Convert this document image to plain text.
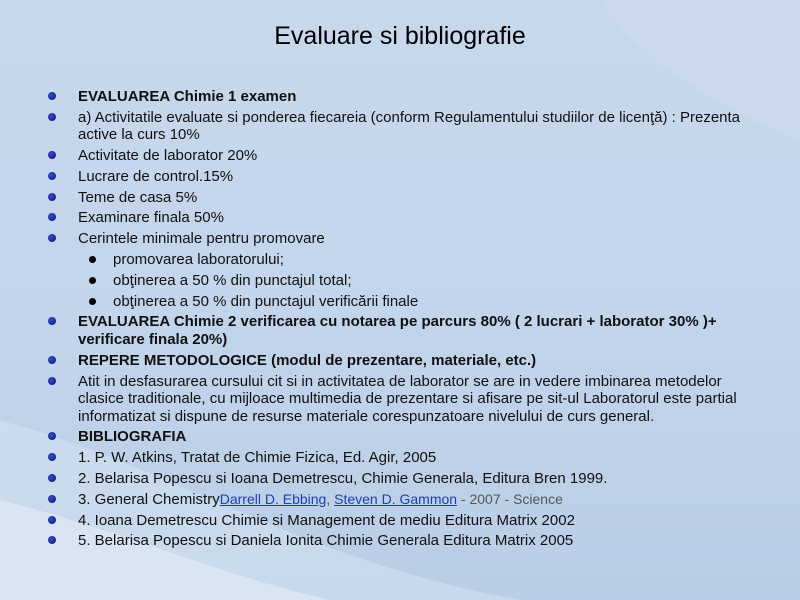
Evaluare si bibliografie
EVALUAREA Chimie 1 examen
a) Activitatile evaluate si ponderea fiecareia (conform Regulamentului studiilor de licenţă) : Prezenta active la curs 10%
Activitate de laborator 20%
Lucrare de control.15%
Teme de casa 5%
Examinare finala 50%
Cerintele minimale pentru promovare
promovarea laboratorului;
obţinerea a 50 % din punctajul total;
obţinerea a 50 % din punctajul verificării finale
EVALUAREA Chimie 2 verificarea cu notarea pe parcurs 80% ( 2 lucrari + laborator 30% )+ verificare finala 20%)
REPERE METODOLOGICE (modul de prezentare, materiale, etc.)
Atit in desfasurarea cursului cit si in activitatea de laborator se are in vedere imbinarea metodelor clasice traditionale, cu mijloace multimedia de prezentare si afisare pe sit-ul Laboratorul este partial informatizat si dispune de resurse materiale corespunzatoare nivelului de curs general.
BIBLIOGRAFIA
1. P. W. Atkins, Tratat de Chimie Fizica, Ed. Agir, 2005
2. Belarisa Popescu si Ioana Demetrescu, Chimie Generala, Editura Bren 1999.
3. General ChemistryDarrell D. Ebbing, Steven D. Gammon - 2007 - Science
4. Ioana Demetrescu Chimie si Management de mediu Editura Matrix 2002
5. Belarisa Popescu si Daniela Ionita Chimie Generala Editura Matrix 2005
